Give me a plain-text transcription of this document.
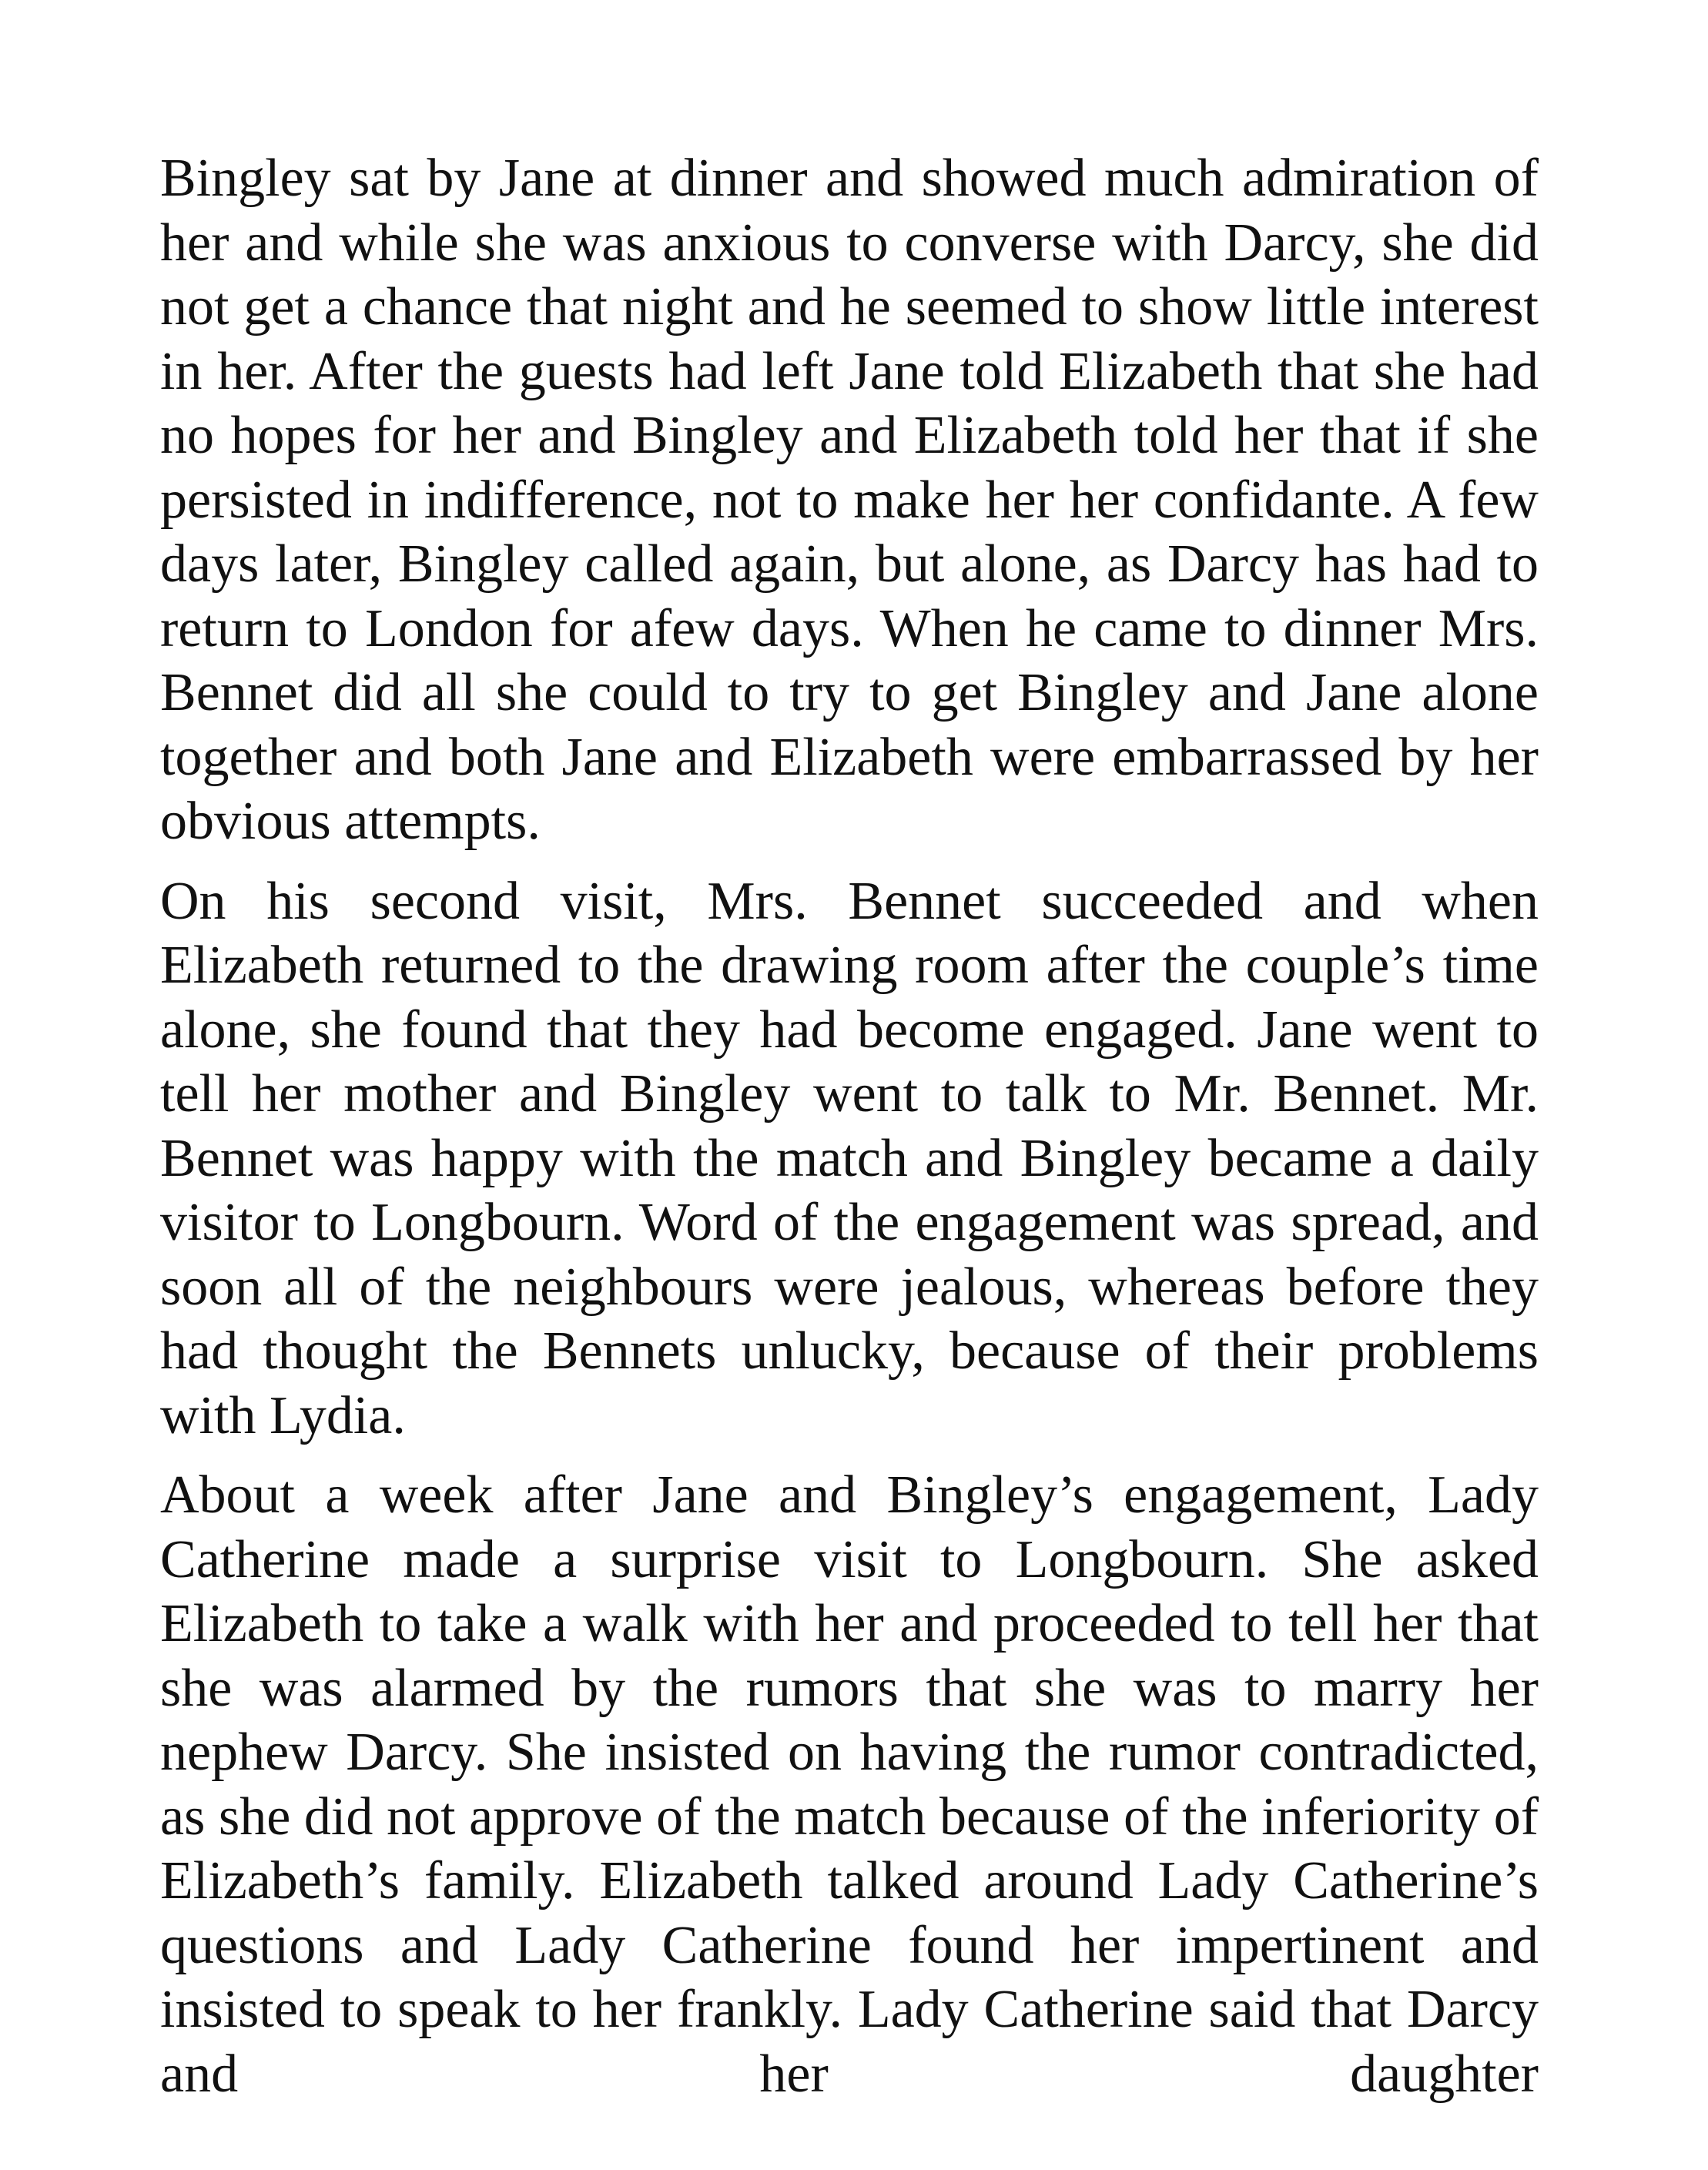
Bingley sat by Jane at dinner and showed much admiration of her and while she was anxious to converse with Darcy, she did not get a chance that night and he seemed to show little interest in her. After the guests had left Jane told Elizabeth that she had no hopes for her and Bingley and Elizabeth told her that if she persisted in indifference, not to make her her confidante. A few days later, Bingley called again, but alone, as Darcy has had to return to London for afew days. When he came to dinner Mrs. Bennet did all she could to try to get Bingley and Jane alone together and both Jane and Elizabeth were embarrassed by her obvious attempts.

On his second visit, Mrs. Bennet succeeded and when Elizabeth returned to the drawing room after the couple’s time alone, she found that they had become engaged. Jane went to tell her mother and Bingley went to talk to Mr. Bennet. Mr. Bennet was happy with the match and Bingley became a daily visitor to Longbourn. Word of the engagement was spread, and soon all of the neighbours were jealous, whereas before they had thought the Bennets unlucky, because of their problems with Lydia.

About a week after Jane and Bingley’s engagement, Lady Catherine made a surprise visit to Longbourn. She asked Elizabeth to take a walk with her and proceeded to tell her that she was alarmed by the rumors that she was to marry her nephew Darcy. She insisted on having the rumor contradicted, as she did not approve of the match because of the inferiority of Elizabeth’s family. Elizabeth talked around Lady Catherine’s questions and Lady Catherine found her impertinent and insisted to speak to her frankly. Lady Catherine said that Darcy and her daughter
